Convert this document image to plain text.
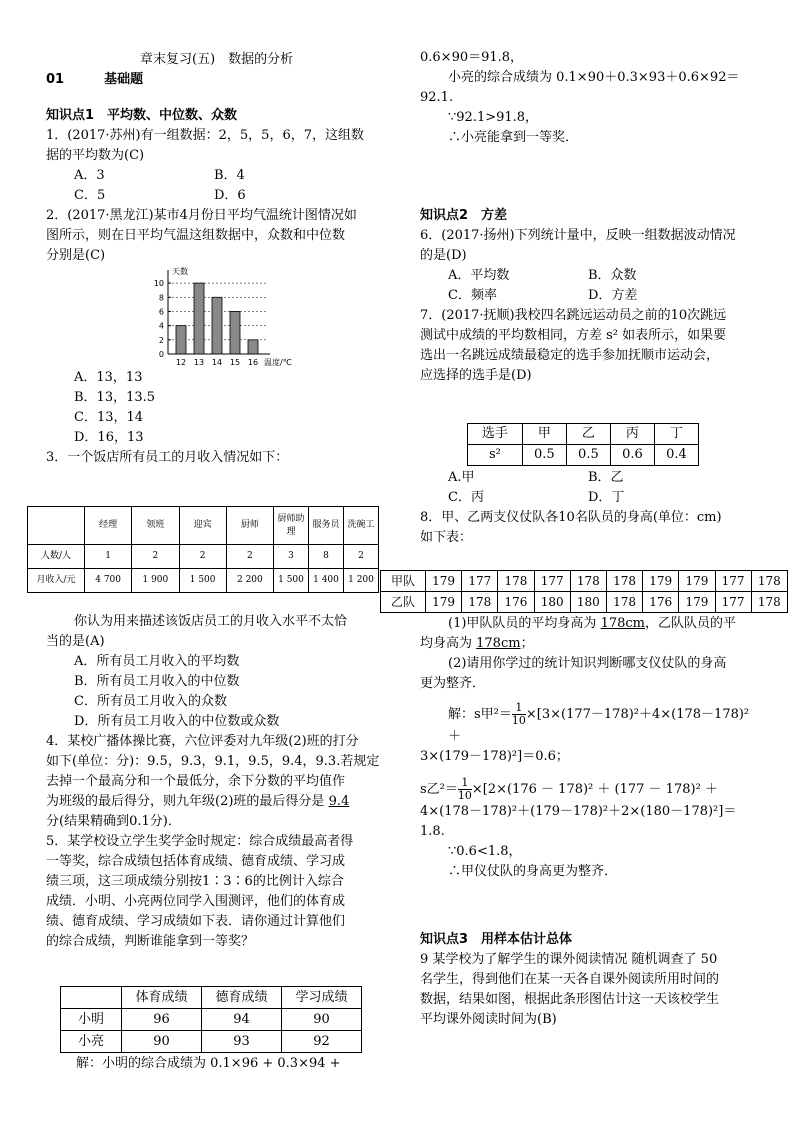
章末复习(五)　数据的分析

01	基础题

知识点1　平均数、中位数、众数

1．(2017·苏州)有一组数据：2，5，5，6，7，这组数

据的平均数为(C)

A．3	B．4

C．5	D．6

2．(2017·黑龙江)某市4月份日平均气温统计图情况如

图所示，则在日平均气温这组数据中，众数和中位数

分别是(C)

0
2
4
6
8
10
12 13 14 15 16
天数
温度/℃

A．13，13

B．13，13.5

C．13，14

D．16，13

3．一个饭店所有员工的月收入情况如下：

	经理	领班	迎宾	厨师	厨师助理	服务员	洗碗工
人数/人	1	2	2	2	3	8	2
月收入/元	4 700	1 900	1 500	2 200	1 500	1 400	1 200

你认为用来描述该饭店员工的月收入水平不太恰

当的是(A)

A．所有员工月收入的平均数

B．所有员工月收入的中位数

C．所有员工月收入的众数

D．所有员工月收入的中位数或众数

4．某校广播体操比赛，六位评委对九年级(2)班的打分

如下(单位：分)：9.5，9.3，9.1，9.5，9.4，9.3.若规定

去掉一个最高分和一个最低分，余下分数的平均值作

为班级的最后得分，则九年级(2)班的最后得分是 9.4

分(结果精确到0.1分)．

5．某学校设立学生奖学金时规定：综合成绩最高者得

一等奖，综合成绩包括体育成绩、德育成绩、学习成

绩三项，这三项成绩分别按1∶3∶6的比例计入综合

成绩．小明、小亮两位同学入围测评，他们的体育成

绩、德育成绩、学习成绩如下表．请你通过计算他们

的综合成绩，判断谁能拿到一等奖？

	体育成绩	德育成绩	学习成绩
小明	96	94	90
小亮	90	93	92

解：小明的综合成绩为 0.1×96 + 0.3×94 +

0.6×90＝91.8，

小亮的综合成绩为 0.1×90＋0.3×93＋0.6×92＝

92.1.

∵92.1>91.8，

∴小亮能拿到一等奖．

知识点2　方差

6．(2017·扬州)下列统计量中，反映一组数据波动情况

的是(D)

A．平均数	B．众数

C．频率	D．方差

7．(2017·抚顺)我校四名跳远运动员之前的10次跳远

测试中成绩的平均数相同，方差 s² 如表所示，如果要

选出一名跳远成绩最稳定的选手参加抚顺市运动会，

应选择的选手是(D)

选手	甲	乙	丙	丁
s²	0.5	0.5	0.6	0.4

A.甲	B．乙

C．丙	D．丁

8．甲、乙两支仪仗队各10名队员的身高(单位：cm)

如下表：

甲队	179	177	178	177	178	178	179	179	177	178
乙队	179	178	176	180	180	178	176	179	177	178

(1)甲队队员的平均身高为 178cm，乙队队员的平

均身高为 178cm；

(2)请用你学过的统计知识判断哪支仪仗队的身高

更为整齐．

解：s甲$^2= \frac{1}{10} \times[3\times(177-178)^2+4\times(178-178)^2+$

3×(179－178)²]＝0.6；

s乙$^2= \frac{1}{10} \times[2\times(176 - 178)^2 + (177 - 178)^2$ ＋

4×(178－178)²＋(179－178)²＋2×(180－178)²]＝1.8.

∵0.6<1.8，

∴甲仪仗队的身高更为整齐．

知识点3　用样本估计总体

9 某学校为了解学生的课外阅读情况 随机调查了 50

名学生，得到他们在某一天各自课外阅读所用时间的

数据，结果如图，根据此条形图估计这一天该校学生

平均课外阅读时间为(B)
